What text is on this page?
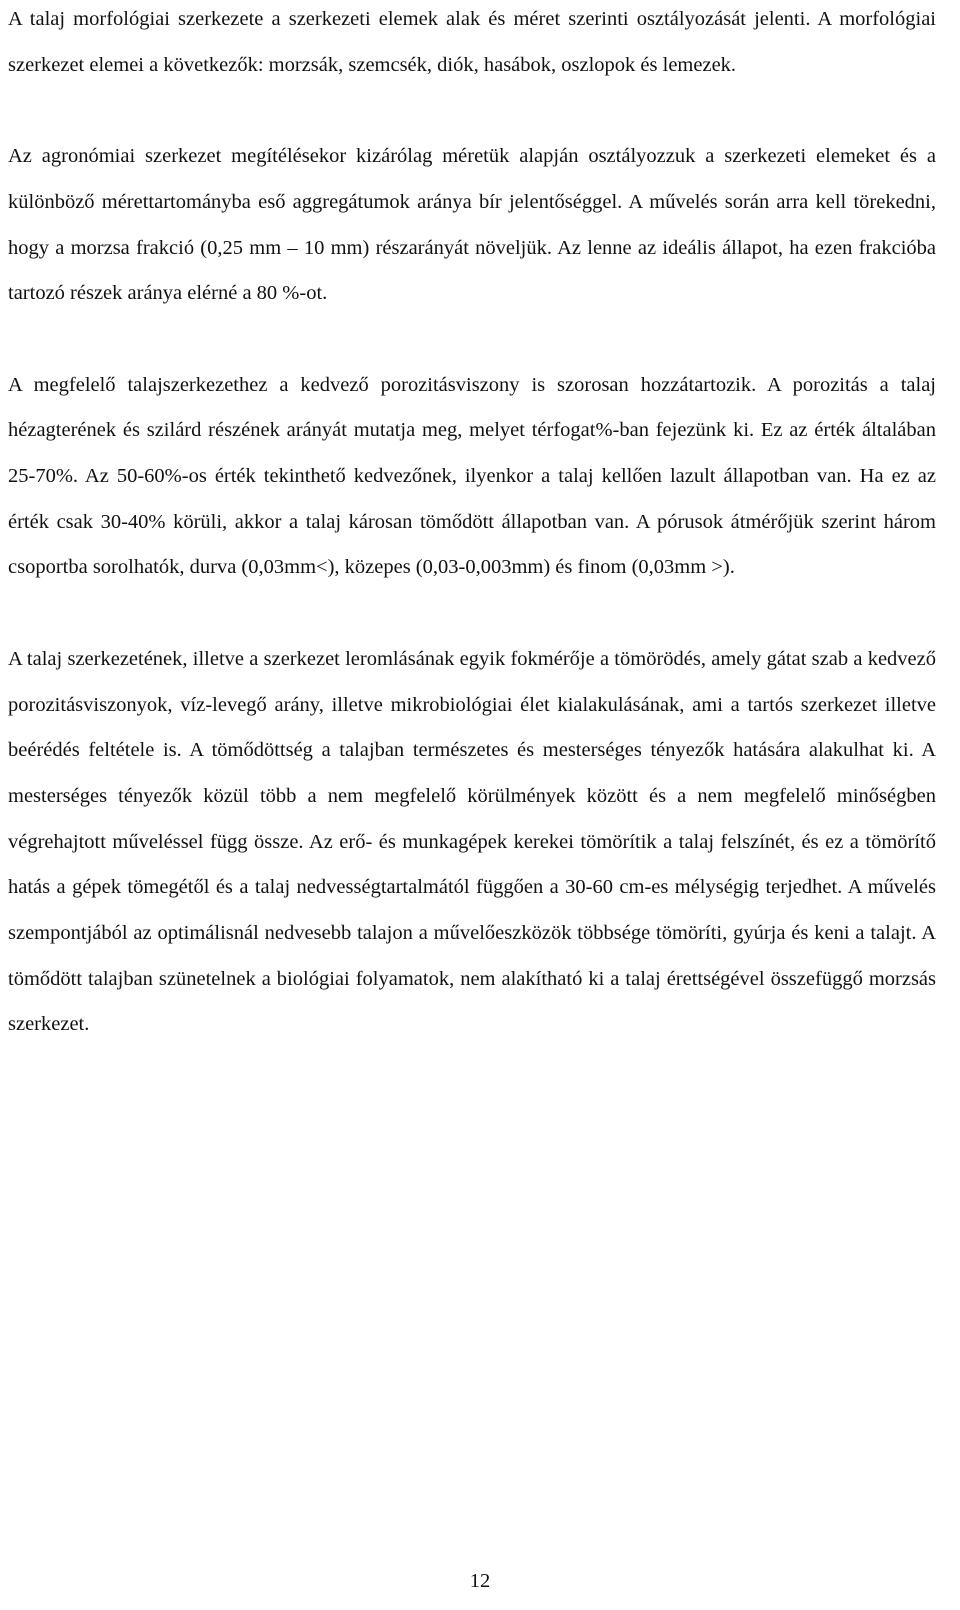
A talaj morfológiai szerkezete a szerkezeti elemek alak és méret szerinti osztályozását jelenti. A morfológiai szerkezet elemei a következők: morzsák, szemcsék, diók, hasábok, oszlopok és lemezek.

Az agronómiai szerkezet megítélésekor kizárólag méretük alapján osztályozzuk a szerkezeti elemeket és a különböző mérettartományba eső aggregátumok aránya bír jelentőséggel. A művelés során arra kell törekedni, hogy a morzsa frakció (0,25 mm – 10 mm) részarányát növeljük. Az lenne az ideális állapot, ha ezen frakcióba tartozó részek aránya elérné a 80 %-ot.

A megfelelő talajszerkezethez a kedvező porozitásviszony is szorosan hozzátartozik. A porozitás a talaj hézagterének és szilárd részének arányát mutatja meg, melyet térfogat%-ban fejezünk ki. Ez az érték általában 25-70%. Az 50-60%-os érték tekinthető kedvezőnek, ilyenkor a talaj kellően lazult állapotban van. Ha ez az érték csak 30-40% körüli, akkor a talaj károsan tömődött állapotban van. A pórusok átmérőjük szerint három csoportba sorolhatók, durva (0,03mm<), közepes (0,03-0,003mm) és finom (0,03mm >).

A talaj szerkezetének, illetve a szerkezet leromlásának egyik fokmérője a tömörödés, amely gátat szab a kedvező porozitásviszonyok, víz-levegő arány, illetve mikrobiológiai élet kialakulásának, ami a tartós szerkezet illetve beérédés feltétele is. A tömődöttség a talajban természetes és mesterséges tényezők hatására alakulhat ki. A mesterséges tényezők közül több a nem megfelelő körülmények között és a nem megfelelő minőségben végrehajtott műveléssel függ össze. Az erő- és munkagépek kerekei tömörítik a talaj felszínét, és ez a tömörítő hatás a gépek tömegétől és a talaj nedvességtartalmától függően a 30-60 cm-es mélységig terjedhet. A művelés szempontjából az optimálisnál nedvesebb talajon a művelőeszközök többsége tömöríti, gyúrja és keni a talajt. A tömődött talajban szünetelnek a biológiai folyamatok, nem alakítható ki a talaj érettségével összefüggő morzsás szerkezet.

12
